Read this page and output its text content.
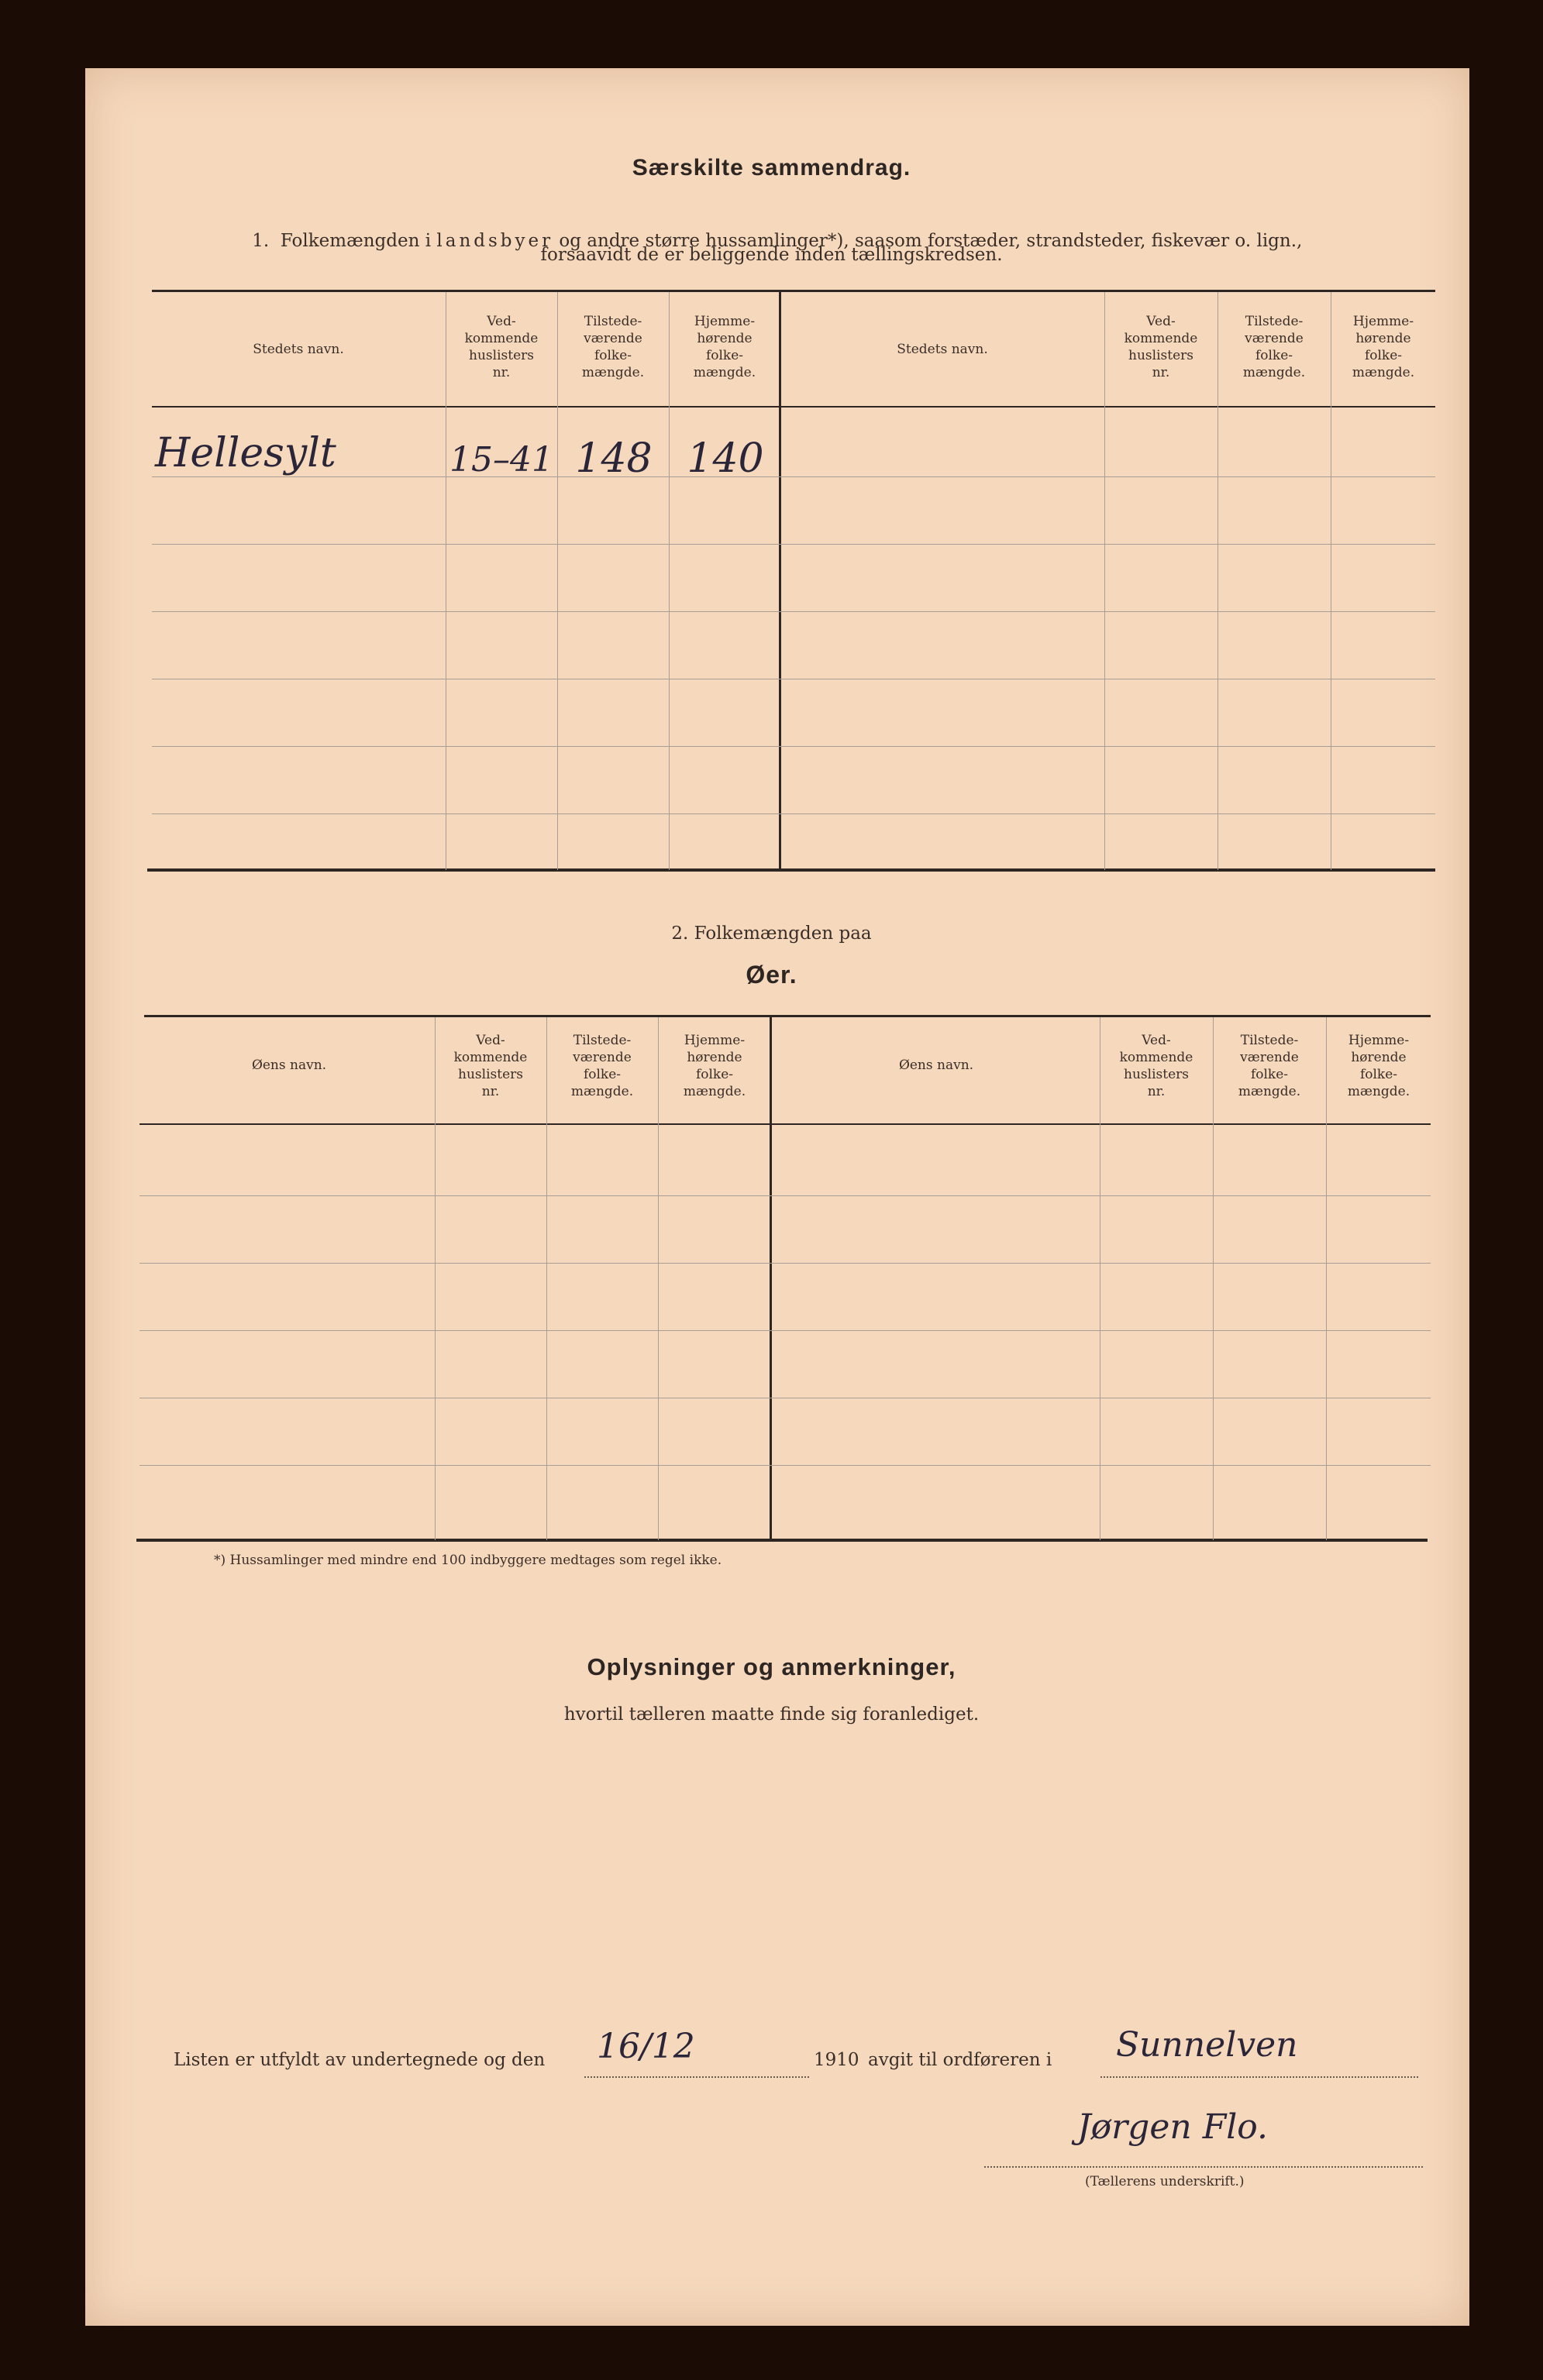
Særskilte sammendrag.

1.  Folkemængden i landsbyer og andre større hussamlinger*), saasom forstæder, strandsteder, fiskevær o. lign.,

forsaavidt de er beliggende inden tællingskredsen.
Stedets navn.
Ved-
kommende
huslisters
nr.
Tilstede-
værende
folke-
mængde.
Hjemme-
hørende
folke-
mængde.
Stedets navn.
Ved-
kommende
huslisters
nr.
Tilstede-
værende
folke-
mængde.
Hjemme-
hørende
folke-
mængde.
Hellesylt	15–41 148 140
2. Folkemængden paa
Øer.
Øens navn.
Ved-
kommende
huslisters
nr.
Tilstede-
værende
folke-
mængde.
Hjemme-
hørende
folke-
mængde.
Øens navn.
Ved-
kommende
huslisters
nr.
Tilstede-
værende
folke-
mængde.
Hjemme-
hørende
folke-
mængde.
*) Hussamlinger med mindre end 100 indbyggere medtages som regel ikke.
Oplysninger og anmerkninger,
hvortil tælleren maatte finde sig foranlediget.
Listen er utfyldt av undertegnede og den 16/12	1910 avgit til ordføreren i Sunnelven
Jørgen Flo.
(Tællerens underskrift.)
